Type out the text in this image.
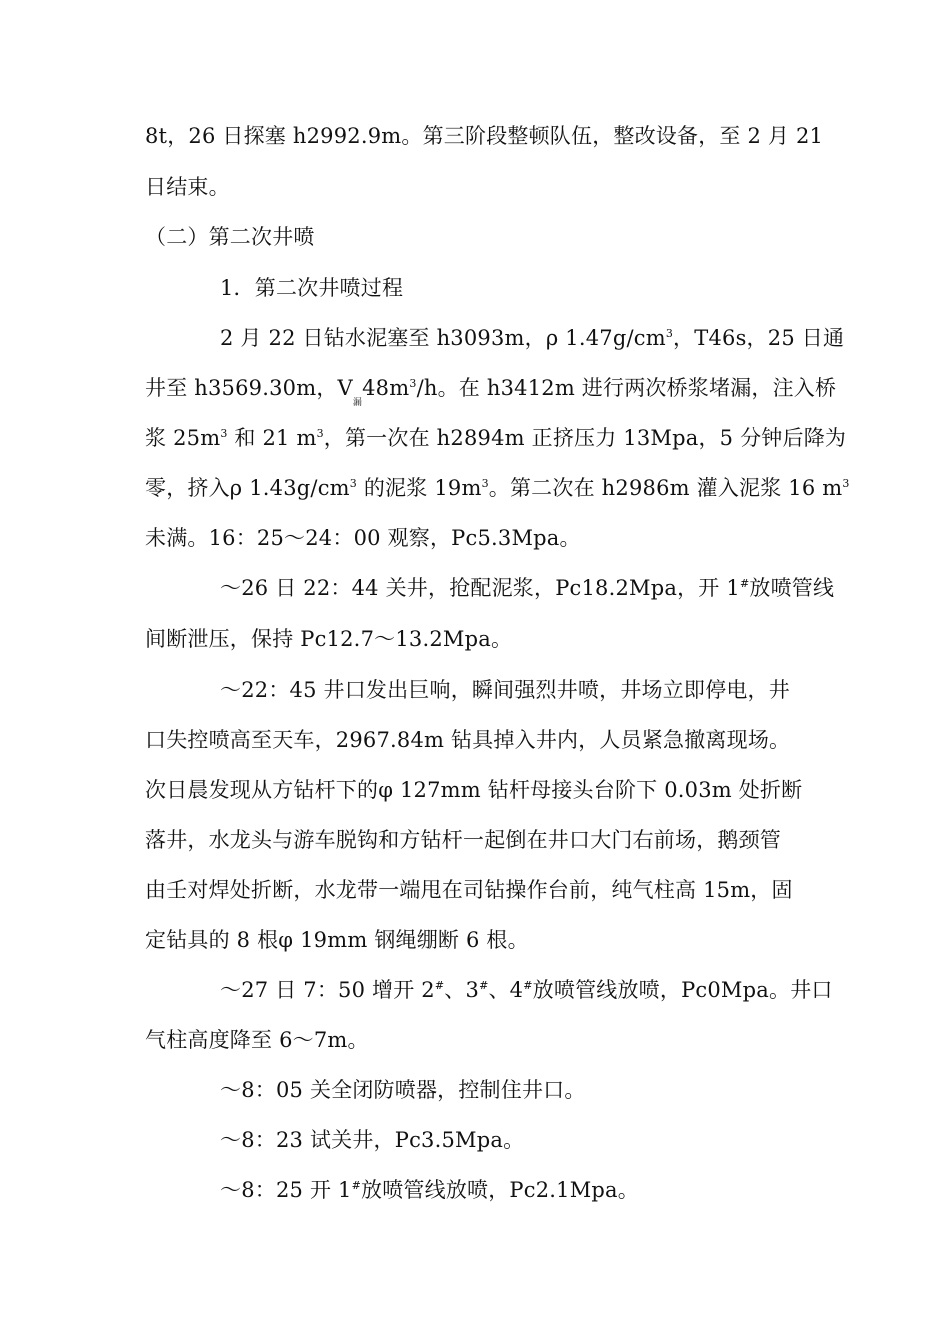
8t，26 日探塞 h2992.9m。第三阶段整顿队伍，整改设备，至 2 月 21
日结束。
（二）第二次井喷
1．第二次井喷过程
2 月 22 日钻水泥塞至 h3093m，ρ $1.47g/cm^3$，T46s，25 日通
井至 h3569.30m，$V_漏48m^3/h$。在 h3412m 进行两次桥浆堵漏，注入桥
浆 $25m^3$ 和 21 $m^3$，第一次在 h2894m 正挤压力 13Mpa，5 分钟后降为
零，挤入ρ $1.43g/cm^3$ 的泥浆 $19m^3$。第二次在 h2986m 灌入泥浆 16 $m^3$
未满。16：25～24：00 观察，Pc5.3Mpa。
～26 日 22：44 关井，抢配泥浆，Pc18.2Mpa，开 1#放喷管线
间断泄压，保持 Pc12.7～13.2Mpa。
～22：45 井口发出巨响，瞬间强烈井喷，井场立即停电，井
口失控喷高至天车，2967.84m 钻具掉入井内，人员紧急撤离现场。
次日晨发现从方钻杆下的φ 127mm 钻杆母接头台阶下 0.03m 处折断
落井，水龙头与游车脱钩和方钻杆一起倒在井口大门右前场，鹅颈管
由壬对焊处折断，水龙带一端甩在司钻操作台前，纯气柱高 15m，固
定钻具的 8 根φ 19mm 钢绳绷断 6 根。
～27 日 7：50 增开 2#、3#、4#放喷管线放喷，Pc0Mpa。井口
气柱高度降至 6～7m。
～8：05 关全闭防喷器，控制住井口。
～8：23 试关井，Pc3.5Mpa。
～8：25 开 1#放喷管线放喷，Pc2.1Mpa。
